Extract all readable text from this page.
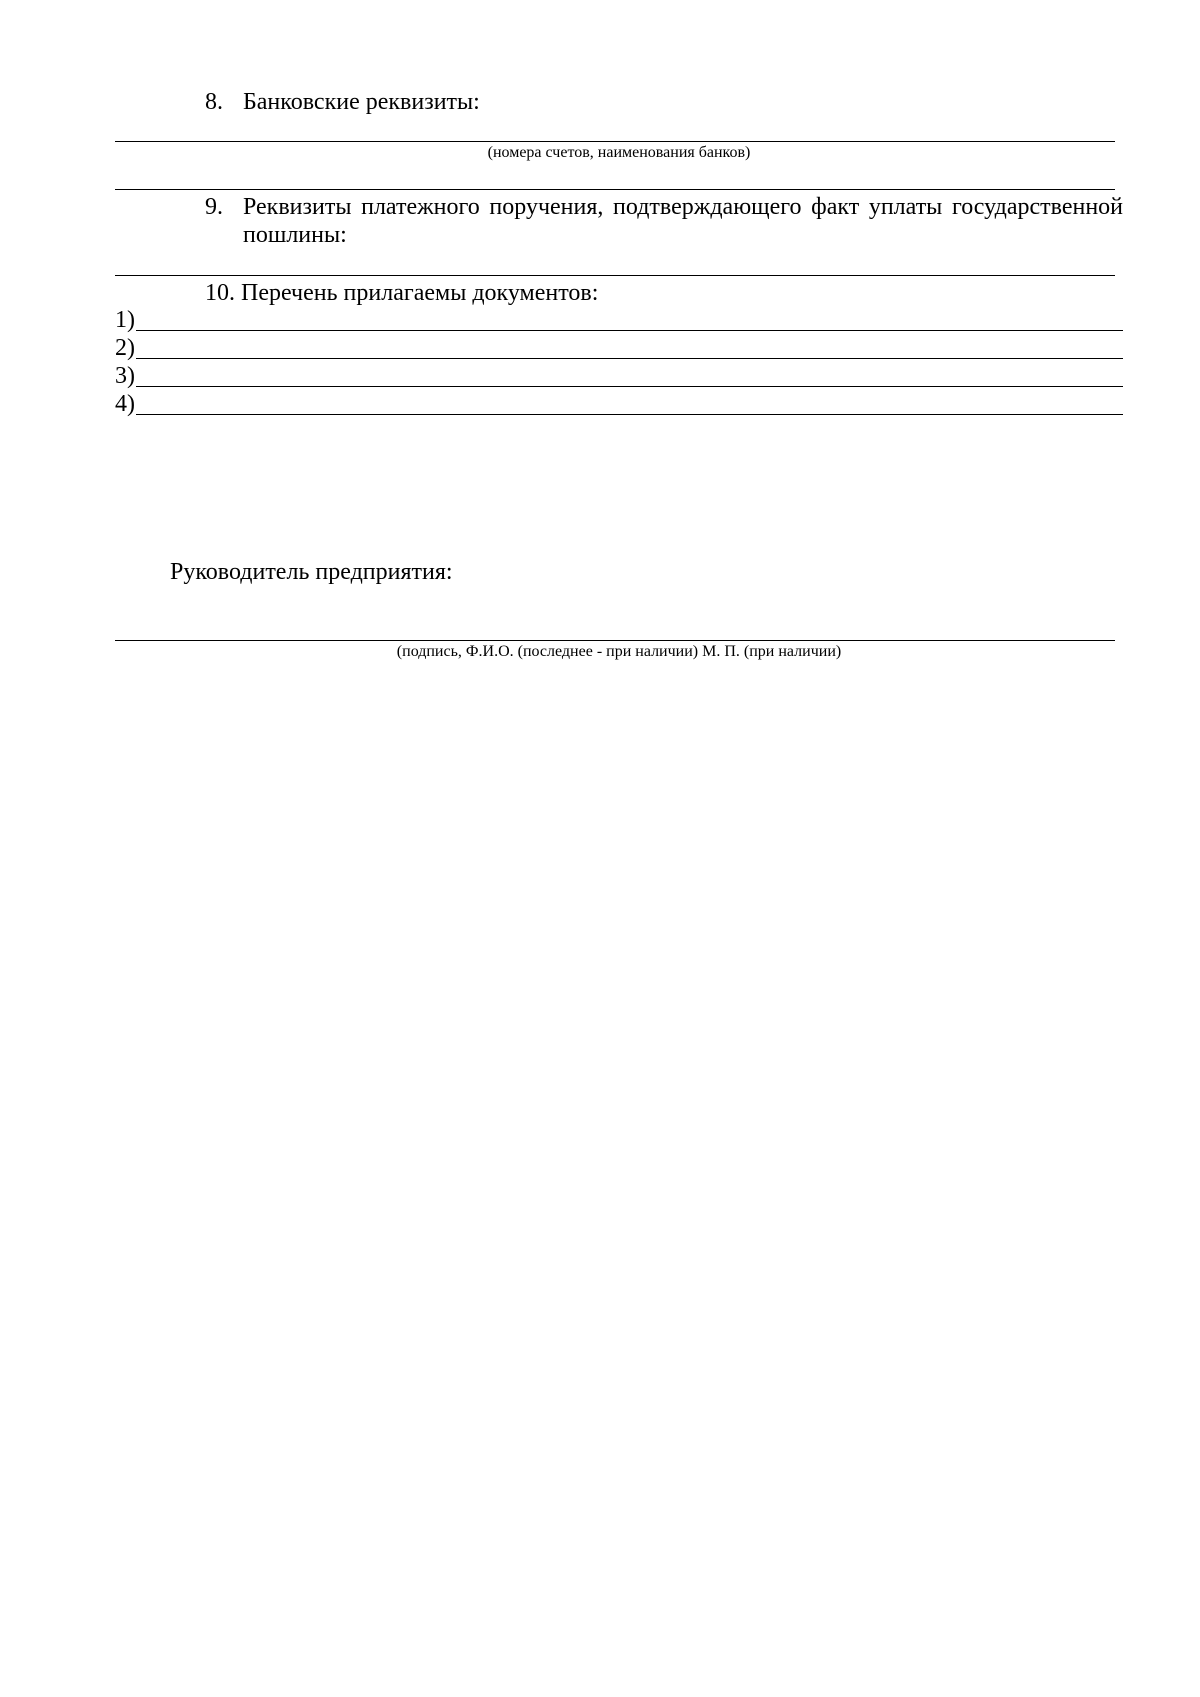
8. Банковские реквизиты:
(номера счетов, наименования банков)
9. Реквизиты платежного поручения, подтверждающего факт уплаты государственной
пошлины:
10. Перечень прилагаемы документов:
1)
2)
3)
4)
Руководитель предприятия:
(подпись, Ф.И.О. (последнее - при наличии) М. П. (при наличии)
